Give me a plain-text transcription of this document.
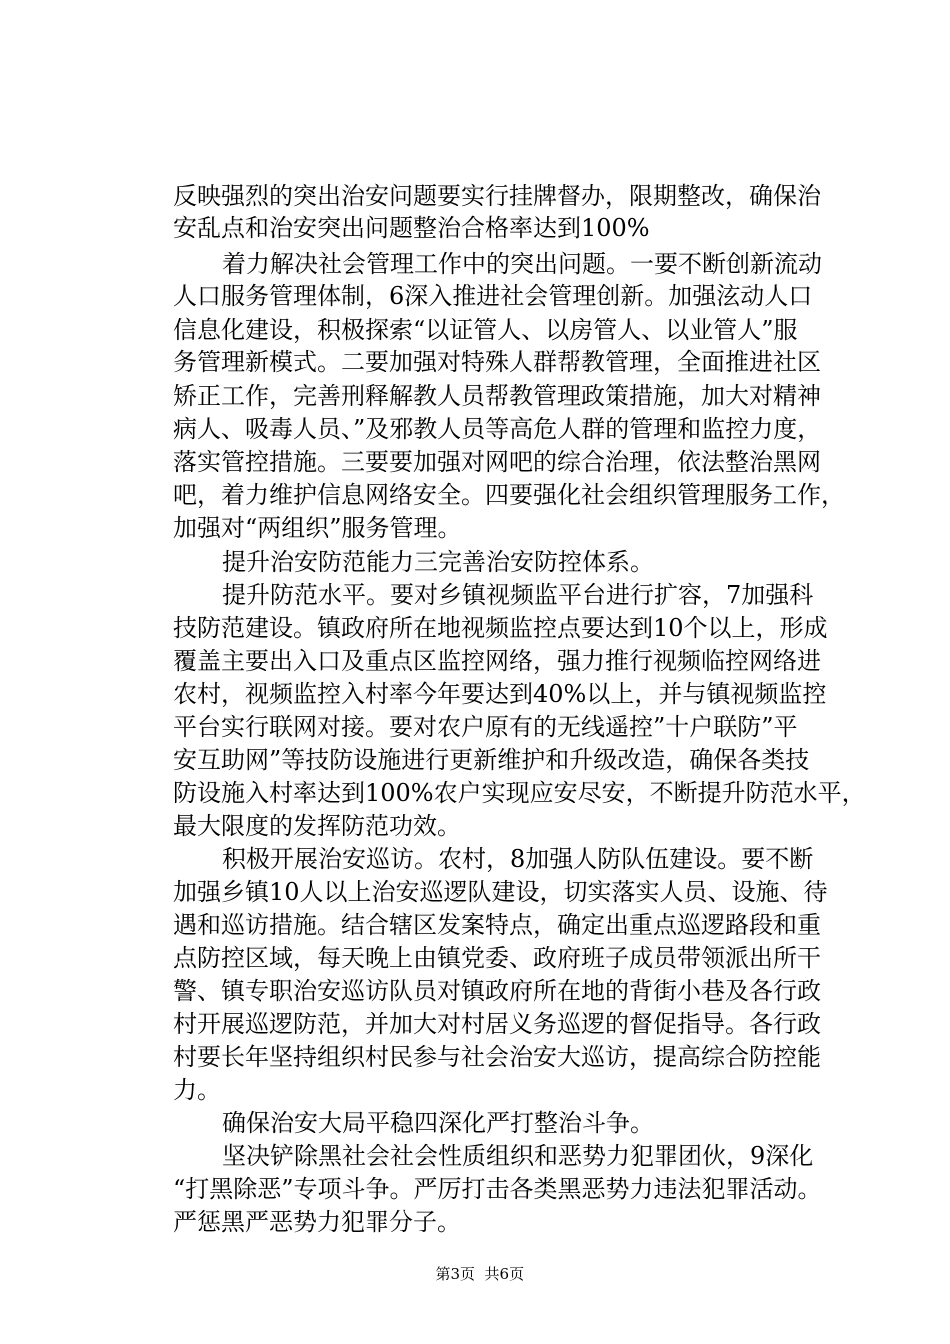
反映强烈的突出治安问题要实行挂牌督办，限期整改，确保治
安乱点和治安突出问题整治合格率达到100%
着力解决社会管理工作中的突出问题。一要不断创新流动
人口服务管理体制，6深入推进社会管理创新。加强泫动人口
信息化建设，积极探索“以证管人、以房管人、以业管人”服
务管理新模式。二要加强对特殊人群帮教管理，全面推进社区
矫正工作，完善刑释解教人员帮教管理政策措施，加大对精神
病人、吸毒人员、”及邪教人员等高危人群的管理和监控力度，
落实管控措施。三要要加强对网吧的综合治理，依法整治黑网
吧，着力维护信息网络安全。四要强化社会组织管理服务工作，
加强对“两组织”服务管理。
提升治安防范能力三完善治安防控体系。
提升防范水平。要对乡镇视频监平台进行扩容，7加强科
技防范建设。镇政府所在地视频监控点要达到10个以上，形成
覆盖主要出入口及重点区监控网络，强力推行视频临控网络进
农村，视频监控入村率今年要达到40%以上，并与镇视频监控
平台实行联网对接。要对农户原有的无线遥控”十户联防”平
安互助网”等技防设施进行更新维护和升级改造，确保各类技
防设施入村率达到100%农户实现应安尽安，不断提升防范水平，
最大限度的发挥防范功效。
积极开展治安巡访。农村，8加强人防队伍建设。要不断
加强乡镇10人以上治安巡逻队建设，切实落实人员、设施、待
遇和巡访措施。结合辖区发案特点，确定出重点巡逻路段和重
点防控区域，每天晚上由镇党委、政府班子成员带领派出所干
警、镇专职治安巡访队员对镇政府所在地的背街小巷及各行政
村开展巡逻防范，并加大对村居义务巡逻的督促指导。各行政
村要长年坚持组织村民参与社会治安大巡访，提高综合防控能
力。
确保治安大局平稳四深化严打整治斗争。
坚决铲除黑社会社会性质组织和恶势力犯罪团伙，9深化
“打黑除恶”专项斗争。严厉打击各类黑恶势力违法犯罪活动。
严惩黑严恶势力犯罪分子。

第3页  共6页
